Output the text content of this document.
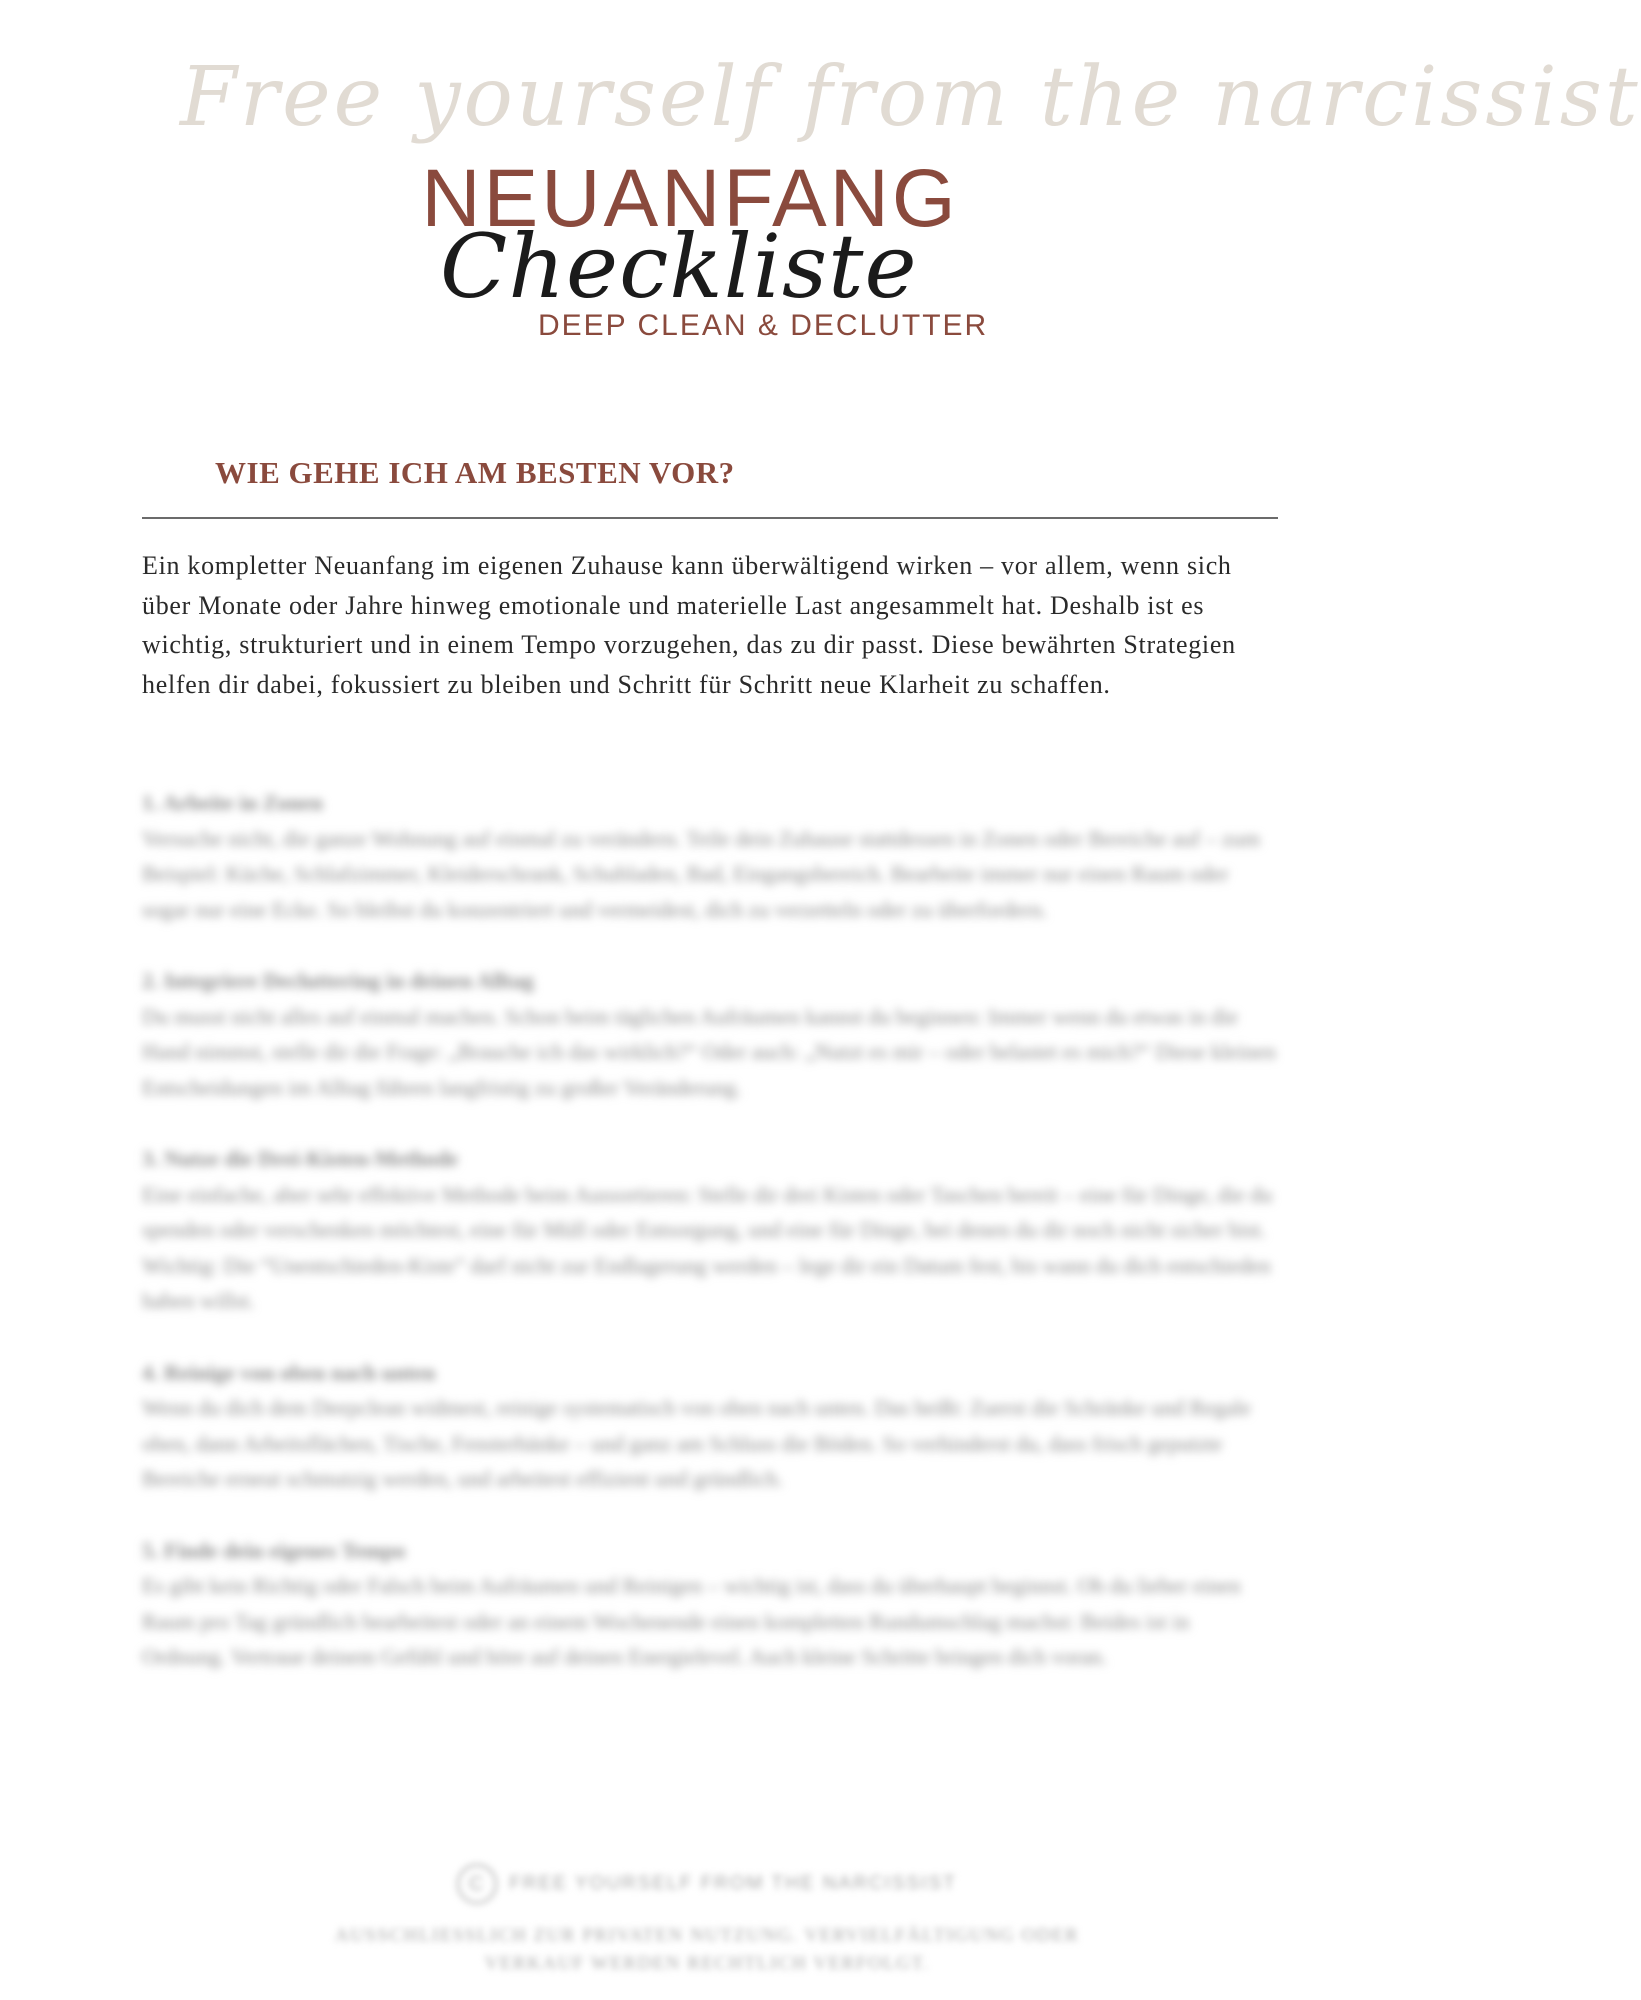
Free yourself from the narcissist
NEUANFANG
Checkliste
DEEP CLEAN & DECLUTTER
WIE GEHE ICH AM BESTEN VOR?

Ein kompletter Neuanfang im eigenen Zuhause kann überwältigend wirken – vor allem, wenn sich über Monate oder Jahre hinweg emotionale und materielle Last angesammelt hat. Deshalb ist es wichtig, strukturiert und in einem Tempo vorzugehen, das zu dir passt. Diese bewährten Strategien helfen dir dabei, fokussiert zu bleiben und Schritt für Schritt neue Klarheit zu schaffen.

1. Arbeite in Zonen

Versuche nicht, die ganze Wohnung auf einmal zu verändern. Teile dein Zuhause stattdessen in Zonen oder Bereiche auf – zum Beispiel: Küche, Schlafzimmer, Kleiderschrank, Schubladen, Bad, Eingangsbereich. Bearbeite immer nur einen Raum oder sogar nur eine Ecke. So bleibst du konzentriert und vermeidest, dich zu verzetteln oder zu überfordern.

2. Integriere Decluttering in deinen Alltag

Du musst nicht alles auf einmal machen. Schon beim täglichen Aufräumen kannst du beginnen: Immer wenn du etwas in die Hand nimmst, stelle dir die Frage: „Brauche ich das wirklich?“ Oder auch: „Nutzt es mir – oder belastet es mich?“ Diese kleinen Entscheidungen im Alltag führen langfristig zu großer Veränderung.

3. Nutze die Drei-Kisten-Methode

Eine einfache, aber sehr effektive Methode beim Aussortieren: Stelle dir drei Kisten oder Taschen bereit – eine für Dinge, die du spenden oder verschenken möchtest, eine für Müll oder Entsorgung, und eine für Dinge, bei denen du dir noch nicht sicher bist. Wichtig: Die “Unentschieden-Kiste” darf nicht zur Endlagerung werden – lege dir ein Datum fest, bis wann du dich entschieden haben willst.

4. Reinige von oben nach unten

Wenn du dich dem Deepclean widmest, reinige systematisch von oben nach unten. Das heißt: Zuerst die Schränke und Regale oben, dann Arbeitsflächen, Tische, Fensterbänke – und ganz am Schluss die Böden. So verhinderst du, dass frisch geputzte Bereiche erneut schmutzig werden, und arbeitest effizient und gründlich.

5. Finde dein eigenes Tempo

Es gibt kein Richtig oder Falsch beim Aufräumen und Reinigen – wichtig ist, dass du überhaupt beginnst. Ob du lieber einen Raum pro Tag gründlich bearbeitest oder an einem Wochenende einen kompletten Rundumschlag machst: Beides ist in Ordnung. Vertraue deinem Gefühl und höre auf deinen Energielevel. Auch kleine Schritte bringen dich voran.

C	FREE YOURSELF FROM THE NARCISSIST
AUSSCHLIESSLICH ZUR PRIVATEN NUTZUNG. VERVIELFÄLTIGUNG ODER VERKAUF WERDEN RECHTLICH VERFOLGT.
